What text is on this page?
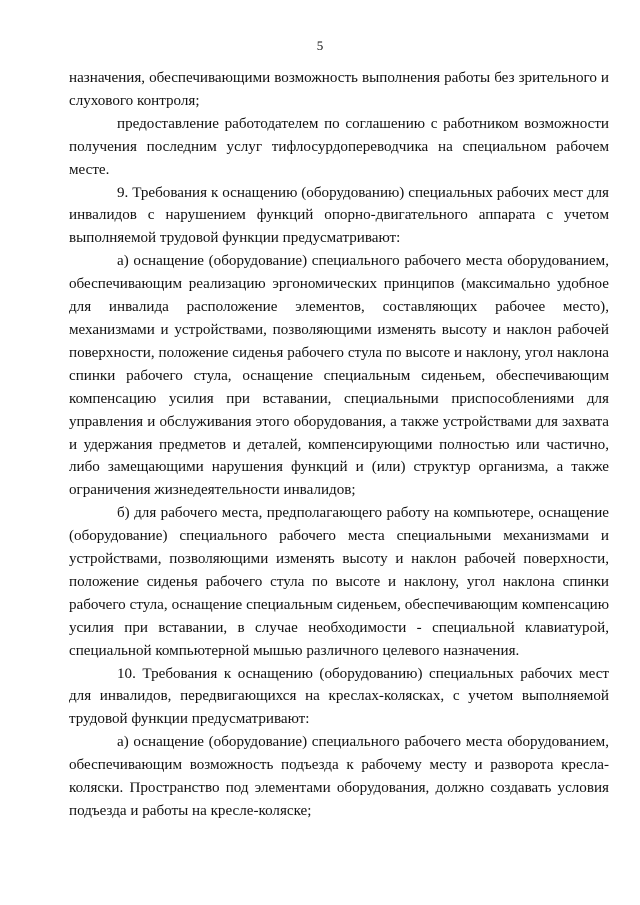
5

назначения, обеспечивающими возможность выполнения работы без зрительного и слухового контроля;

предоставление работодателем по соглашению с работником возможности получения последним услуг тифлосурдопереводчика на специальном рабочем месте.

9. Требования к оснащению (оборудованию) специальных рабочих мест для инвалидов с нарушением функций опорно-двигательного аппарата с учетом выполняемой трудовой функции предусматривают:

а) оснащение (оборудование) специального рабочего места оборудованием, обеспечивающим реализацию эргономических принципов (максимально удобное для инвалида расположение элементов, составляющих рабочее место), механизмами и устройствами, позволяющими изменять высоту и наклон рабочей поверхности, положение сиденья рабочего стула по высоте и наклону, угол наклона спинки рабочего стула, оснащение специальным сиденьем, обеспечивающим компенсацию усилия при вставании, специальными приспособлениями для управления и обслуживания этого оборудования, а также устройствами для захвата и удержания предметов и деталей, компенсирующими полностью или частично, либо замещающими нарушения функций и (или) структур организма, а также ограничения жизнедеятельности инвалидов;

б) для рабочего места, предполагающего работу на компьютере, оснащение (оборудование) специального рабочего места специальными механизмами и устройствами, позволяющими изменять высоту и наклон рабочей поверхности, положение сиденья рабочего стула по высоте и наклону, угол наклона спинки рабочего стула, оснащение специальным сиденьем, обеспечивающим компенсацию усилия при вставании, в случае необходимости - специальной клавиатурой, специальной компьютерной мышью различного целевого назначения.

10. Требования к оснащению (оборудованию) специальных рабочих мест для инвалидов, передвигающихся на креслах-колясках, с учетом выполняемой трудовой функции предусматривают:

а) оснащение (оборудование) специального рабочего места оборудованием, обеспечивающим возможность подъезда к рабочему месту и разворота кресла-коляски. Пространство под элементами оборудования, должно создавать условия подъезда и работы на кресле-коляске;
